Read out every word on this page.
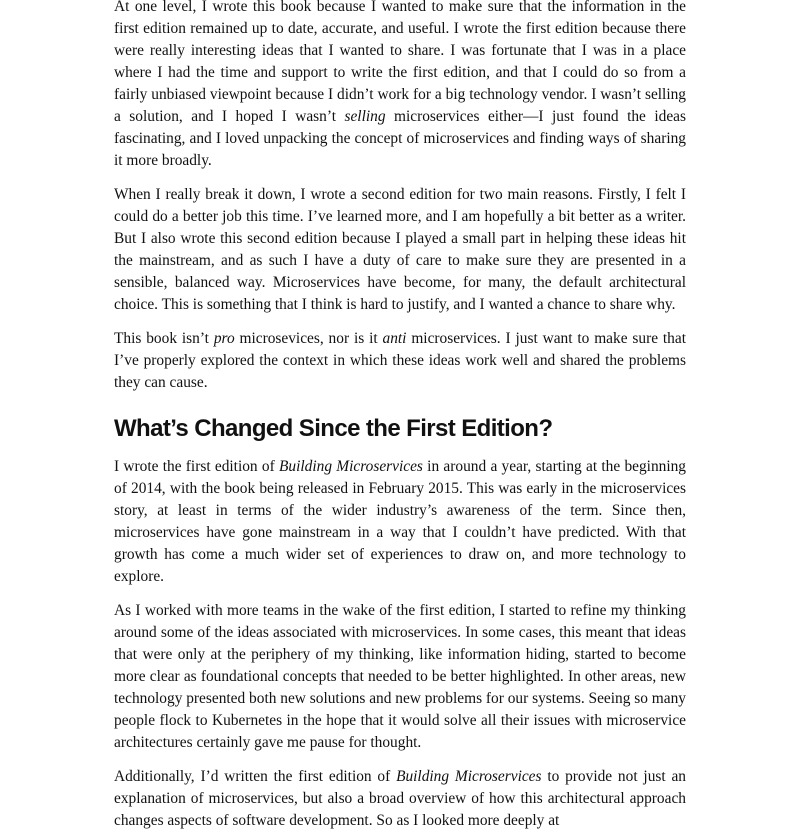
At one level, I wrote this book because I wanted to make sure that the information in the first edition remained up to date, accurate, and useful. I wrote the first edition because there were really interesting ideas that I wanted to share. I was fortunate that I was in a place where I had the time and support to write the first edition, and that I could do so from a fairly unbiased viewpoint because I didn’t work for a big technology vendor. I wasn’t selling a solution, and I hoped I wasn’t selling microservices either—I just found the ideas fascinating, and I loved unpacking the concept of microservices and finding ways of sharing it more broadly.

When I really break it down, I wrote a second edition for two main reasons. Firstly, I felt I could do a better job this time. I’ve learned more, and I am hopefully a bit better as a writer. But I also wrote this second edition because I played a small part in helping these ideas hit the mainstream, and as such I have a duty of care to make sure they are presented in a sensible, balanced way. Microservices have become, for many, the default architectural choice. This is something that I think is hard to justify, and I wanted a chance to share why.

This book isn’t pro microsevices, nor is it anti microservices. I just want to make sure that I’ve properly explored the context in which these ideas work well and shared the problems they can cause.

What’s Changed Since the First Edition?

I wrote the first edition of Building Microservices in around a year, starting at the beginning of 2014, with the book being released in February 2015. This was early in the microservices story, at least in terms of the wider industry’s awareness of the term. Since then, microservices have gone mainstream in a way that I couldn’t have predicted. With that growth has come a much wider set of experiences to draw on, and more technology to explore.

As I worked with more teams in the wake of the first edition, I started to refine my thinking around some of the ideas associated with microservices. In some cases, this meant that ideas that were only at the periphery of my thinking, like information hiding, started to become more clear as foundational concepts that needed to be better highlighted. In other areas, new technology presented both new solutions and new problems for our systems. Seeing so many people flock to Kubernetes in the hope that it would solve all their issues with microservice architectures certainly gave me pause for thought.

Additionally, I’d written the first edition of Building Microservices to provide not just an explanation of microservices, but also a broad overview of how this architectural approach changes aspects of software development. So as I looked more deeply at
